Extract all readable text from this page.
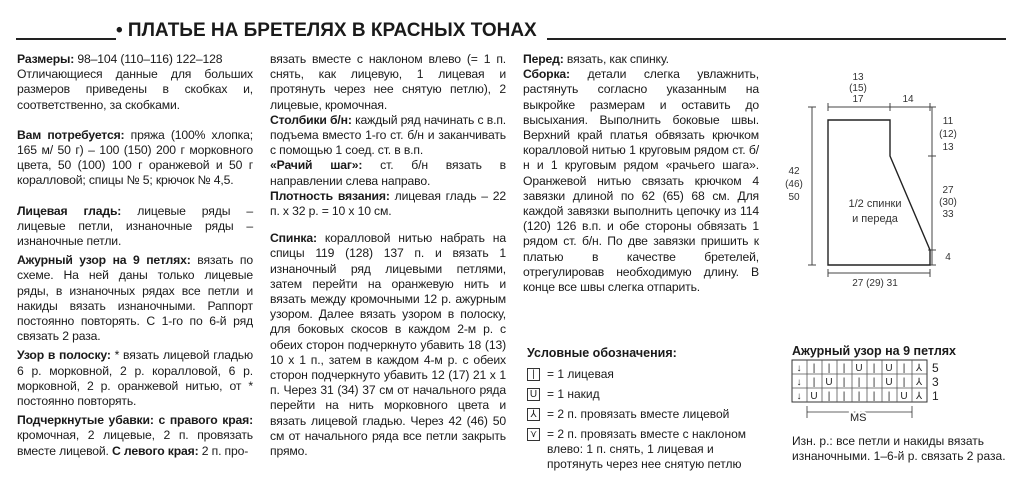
• ПЛАТЬЕ НА БРЕТЕЛЯХ В КРАСНЫХ ТОНАХ

Размеры: 98–104 (110–116) 122–128
Отличающиеся данные для больших размеров приведены в скобках и, соответственно, за скобками.

Вам потребуется: пряжа (100% хлопка; 165 м/ 50 г) – 100 (150) 200 г морковного цвета, 50 (100) 100 г оранжевой и 50 г коралловой; спицы № 5; крючок № 4,5.

Лицевая гладь: лицевые ряды – лицевые петли, изнаночные ряды – изнаночные петли.

Ажурный узор на 9 петлях: вязать по схеме. На ней даны только лицевые ряды, в изнаночных рядах все петли и накиды вязать изнаночными. Раппорт постоянно повторять. С 1-го по 6-й ряд связать 2 раза.

Узор в полоску: * вязать лицевой гладью 6 р. морковной, 2 р. коралловой, 6 р. морковной, 2 р. оранжевой нитью, от * постоянно повторять.

Подчеркнутые убавки: с правого края: кромочная, 2 лицевые, 2 п. провязать вместе лицевой. С левого края: 2 п. про-

вязать вместе с наклоном влево (= 1 п. снять, как лицевую, 1 лицевая и протянуть через нее снятую петлю), 2 лицевые, кромочная.

Столбики б/н: каждый ряд начинать с в.п. подъема вместо 1-го ст. б/н и заканчивать с помощью 1 соед. ст. в в.п.

«Рачий шаг»: ст. б/н вязать в направлении слева направо.

Плотность вязания: лицевая гладь – 22 п. х 32 р. = 10 х 10 см.

Спинка: коралловой нитью набрать на спицы 119 (128) 137 п. и вязать 1 изнаночный ряд лицевыми петлями, затем перейти на оранжевую нить и вязать между кромочными 12 р. ажурным узором. Далее вязать узором в полоску, для боковых скосов в каждом 2-м р. с обеих сторон подчеркнуто убавить 18 (13) 10 х 1 п., затем в каждом 4-м р. с обеих сторон подчеркнуто убавить 12 (17) 21 х 1 п. Через 31 (34) 37 см от начального ряда перейти на нить морковного цвета и вязать лицевой гладью. Через 42 (46) 50 см от начального ряда все петли закрыть прямо.

Перед: вязать, как спинку.

Сборка: детали слегка увлажнить, растянуть согласно указанным на выкройке размерам и оставить до высыхания. Выполнить боковые швы. Верхний край платья обвязать крючком коралловой нитью 1 круговым рядом ст. б/н и 1 круговым рядом «рачьего шага». Оранжевой нитью связать крючком 4 завязки длиной по 62 (65) 68 см. Для каждой завязки выполнить цепочку из 114 (120) 126 в.п. и обе стороны обвязать 1 рядом ст. б/н. По две завязки пришить к платью в качестве бретелей, отрегулировав необходимую длину. В конце все швы слегка отпарить.

Условные обозначения:
|	= 1 лицевая
U = 1 накид
⅄ = 2 п. провязать вместе лицевой
⋎ = 2 п. провязать вместе с наклоном влево: 1 п. снять, 1 лицевая и протянуть через нее снятую петлю
13
(15)
17	14
11
(12)
13
42
(46)
50
27
(30)
33
4
27 (29) 31
1/2 спинки
и переда
Ажурный узор на 9 петлях
↓ | | | U | U | ⅄
↓ | U | | | U | ⅄
↓ U | | | | | U ⅄
5
3
1
MS
Изн. р.: все петли и накиды вязать изнаночными. 1–6-й р. связать 2 раза.
